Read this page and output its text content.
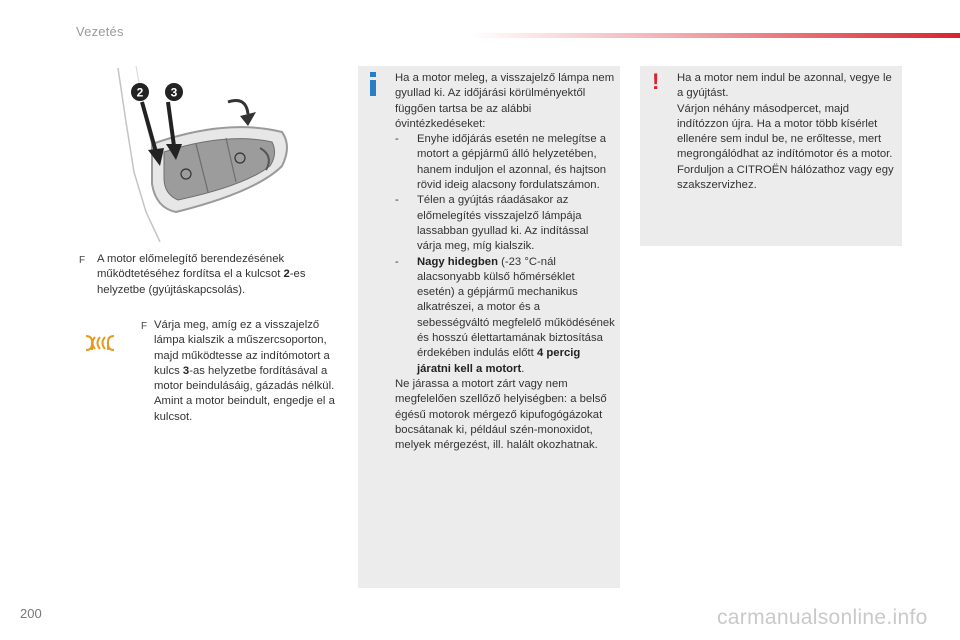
Vezetés
2 3
F A motor előmelegítő berendezésének működtetéséhez fordítsa el a kulcsot 2-es helyzetbe (gyújtáskapcsolás).

F Várja meg, amíg ez a visszajelző lámpa kialszik a műszercsoporton, majd működtesse az indítómotort a kulcs 3-as helyzetbe fordításával a motor beindulásáig, gázadás nélkül. Amint a motor beindult, engedje el a kulcsot.

Ha a motor meleg, a visszajelző lámpa nem gyullad ki. Az időjárási körülményektől függően tartsa be az alábbi óvintézkedéseket:

- Enyhe időjárás esetén ne melegítse a motort a gépjármű álló helyzetében, hanem induljon el azonnal, és hajtson rövid ideig alacsony fordulatszámon.

- Télen a gyújtás ráadásakor az előmelegítés visszajelző lámpája lassabban gyullad ki. Az indítással várja meg, míg kialszik.

- Nagy hidegben (-23 °C-nál alacsonyabb külső hőmérséklet esetén) a gépjármű mechanikus alkatrészei, a motor és a sebességváltó megfelelő működésének és hosszú élettartamának biztosítása érdekében indulás előtt 4 percig járatni kell a motort.

Ne járassa a motort zárt vagy nem megfelelően szellőző helyiségben: a belső égésű motorok mérgező kipufogógázokat bocsátanak ki, például szén-monoxidot, melyek mérgezést, ill. halált okozhatnak.

! Ha a motor nem indul be azonnal, vegye le a gyújtást.

Várjon néhány másodpercet, majd indítózzon újra. Ha a motor több kísérlet ellenére sem indul be, ne erőltesse, mert megrongálódhat az indítómotor és a motor.

Forduljon a CITROËN hálózathoz vagy egy szakszervizhez.

200	carmanualsonline.info
